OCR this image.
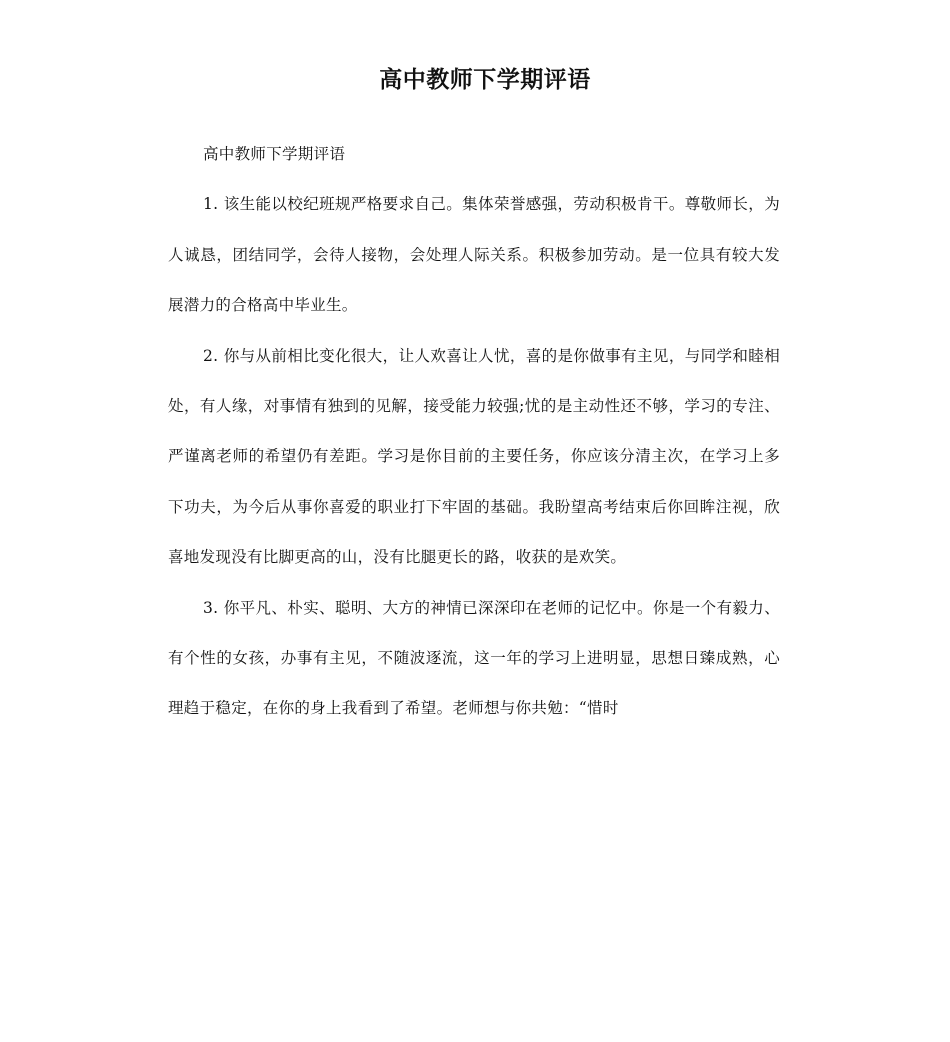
高中教师下学期评语

高中教师下学期评语

1. 该生能以校纪班规严格要求自己。集体荣誉感强，劳动积极肯干。尊敬师长，为人诚恳，团结同学，会待人接物，会处理人际关系。积极参加劳动。是一位具有较大发展潜力的合格高中毕业生。

2. 你与从前相比变化很大，让人欢喜让人忧，喜的是你做事有主见，与同学和睦相处，有人缘，对事情有独到的见解，接受能力较强;忧的是主动性还不够，学习的专注、严谨离老师的希望仍有差距。学习是你目前的主要任务，你应该分清主次，在学习上多下功夫，为今后从事你喜爱的职业打下牢固的基础。我盼望高考结束后你回眸注视，欣喜地发现没有比脚更高的山，没有比腿更长的路，收获的是欢笑。

3. 你平凡、朴实、聪明、大方的神情已深深印在老师的记忆中。你是一个有毅力、有个性的女孩，办事有主见，不随波逐流，这一年的学习上进明显，思想日臻成熟，心理趋于稳定，在你的身上我看到了希望。老师想与你共勉：“惜时
